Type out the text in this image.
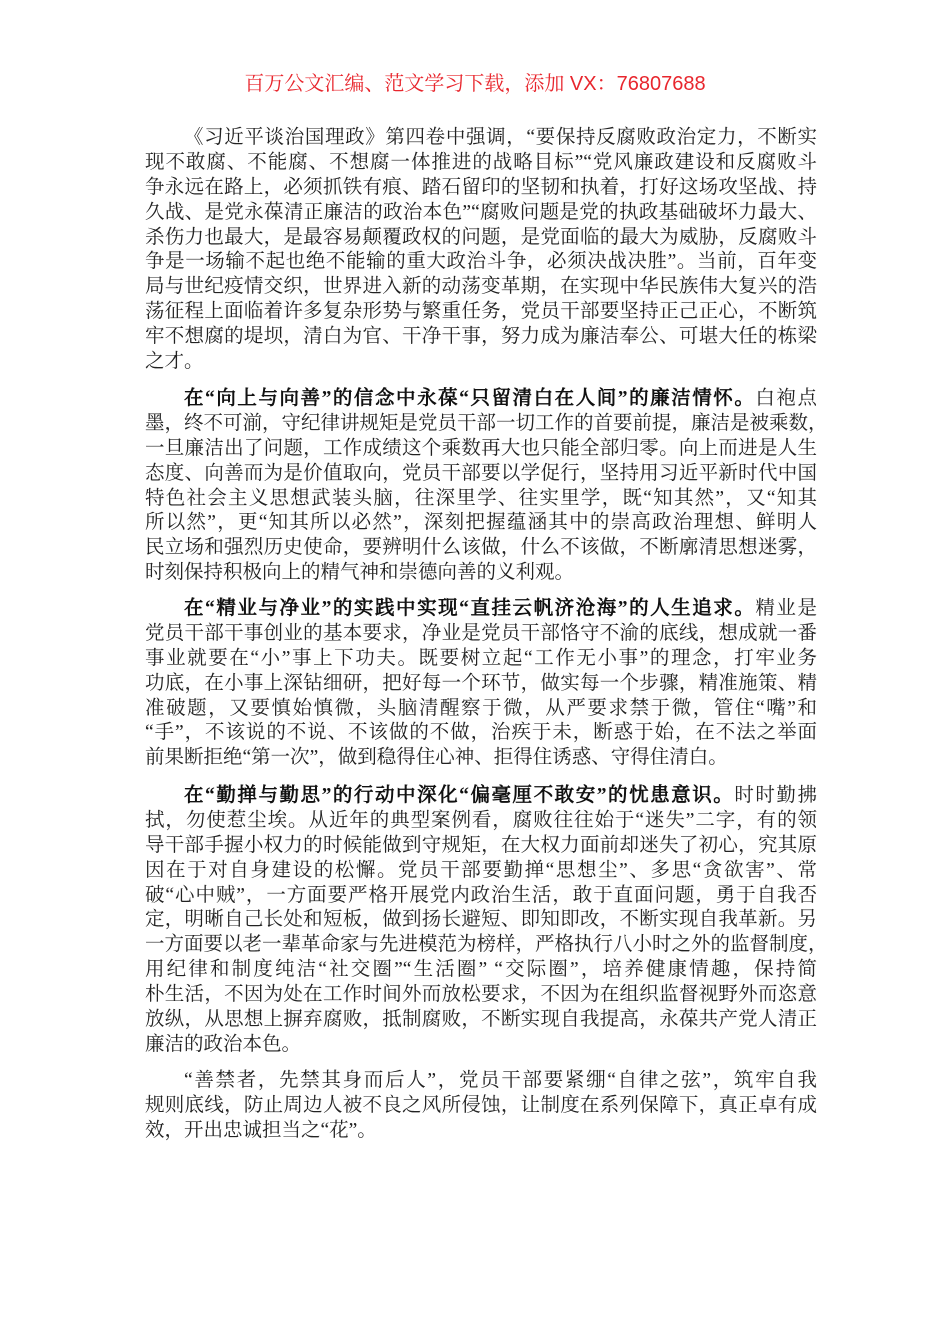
百万公文汇编、范文学习下载，添加 VX：76807688
《习近平谈治国理政》第四卷中强调，“要保持反腐败政治定力，不断实
现不敢腐、不能腐、不想腐一体推进的战略目标”“党风廉政建设和反腐败斗
争永远在路上，必须抓铁有痕、踏石留印的坚韧和执着，打好这场攻坚战、持
久战、是党永葆清正廉洁的政治本色”“腐败问题是党的执政基础破坏力最大、
杀伤力也最大，是最容易颠覆政权的问题，是党面临的最大为威胁，反腐败斗
争是一场输不起也绝不能输的重大政治斗争，必须决战决胜”。当前，百年变
局与世纪疫情交织，世界进入新的动荡变革期，在实现中华民族伟大复兴的浩
荡征程上面临着许多复杂形势与繁重任务，党员干部要坚持正己正心，不断筑
牢不想腐的堤坝，清白为官、干净干事，努力成为廉洁奉公、可堪大任的栋梁
之才。
在“向上与向善”的信念中永葆“只留清白在人间”的廉洁情怀。白袍点
墨，终不可湔，守纪律讲规矩是党员干部一切工作的首要前提，廉洁是被乘数，
一旦廉洁出了问题，工作成绩这个乘数再大也只能全部归零。向上而进是人生
态度、向善而为是价值取向，党员干部要以学促行，坚持用习近平新时代中国
特色社会主义思想武装头脑，往深里学、往实里学，既“知其然”，又“知其
所以然”，更“知其所以必然”，深刻把握蕴涵其中的崇高政治理想、鲜明人
民立场和强烈历史使命，要辨明什么该做，什么不该做，不断廓清思想迷雾，
时刻保持积极向上的精气神和崇德向善的义利观。
在“精业与净业”的实践中实现“直挂云帆济沧海”的人生追求。精业是
党员干部干事创业的基本要求，净业是党员干部恪守不渝的底线，想成就一番
事业就要在“小”事上下功夫。既要树立起“工作无小事”的理念，打牢业务
功底，在小事上深钻细研，把好每一个环节，做实每一个步骤，精准施策、精
准破题，又要慎始慎微，头脑清醒察于微，从严要求禁于微，管住“嘴”和
“手”，不该说的不说、不该做的不做，治疾于未，断惑于始，在不法之举面
前果断拒绝“第一次”，做到稳得住心神、拒得住诱惑、守得住清白。
在“勤掸与勤思”的行动中深化“偏毫厘不敢安”的忧患意识。时时勤拂
拭，勿使惹尘埃。从近年的典型案例看，腐败往往始于“迷失”二字，有的领
导干部手握小权力的时候能做到守规矩，在大权力面前却迷失了初心，究其原
因在于对自身建设的松懈。党员干部要勤掸“思想尘”、多思“贪欲害”、常
破“心中贼”，一方面要严格开展党内政治生活，敢于直面问题，勇于自我否
定，明晰自己长处和短板，做到扬长避短、即知即改，不断实现自我革新。另
一方面要以老一辈革命家与先进模范为榜样，严格执行八小时之外的监督制度，
用纪律和制度纯洁“社交圈”“生活圈” “交际圈”，培养健康情趣，保持简
朴生活，不因为处在工作时间外而放松要求，不因为在组织监督视野外而恣意
放纵，从思想上摒弃腐败，抵制腐败，不断实现自我提高，永葆共产党人清正
廉洁的政治本色。
“善禁者，先禁其身而后人”，党员干部要紧绷“自律之弦”，筑牢自我
规则底线，防止周边人被不良之风所侵蚀，让制度在系列保障下，真正卓有成
效，开出忠诚担当之“花”。
